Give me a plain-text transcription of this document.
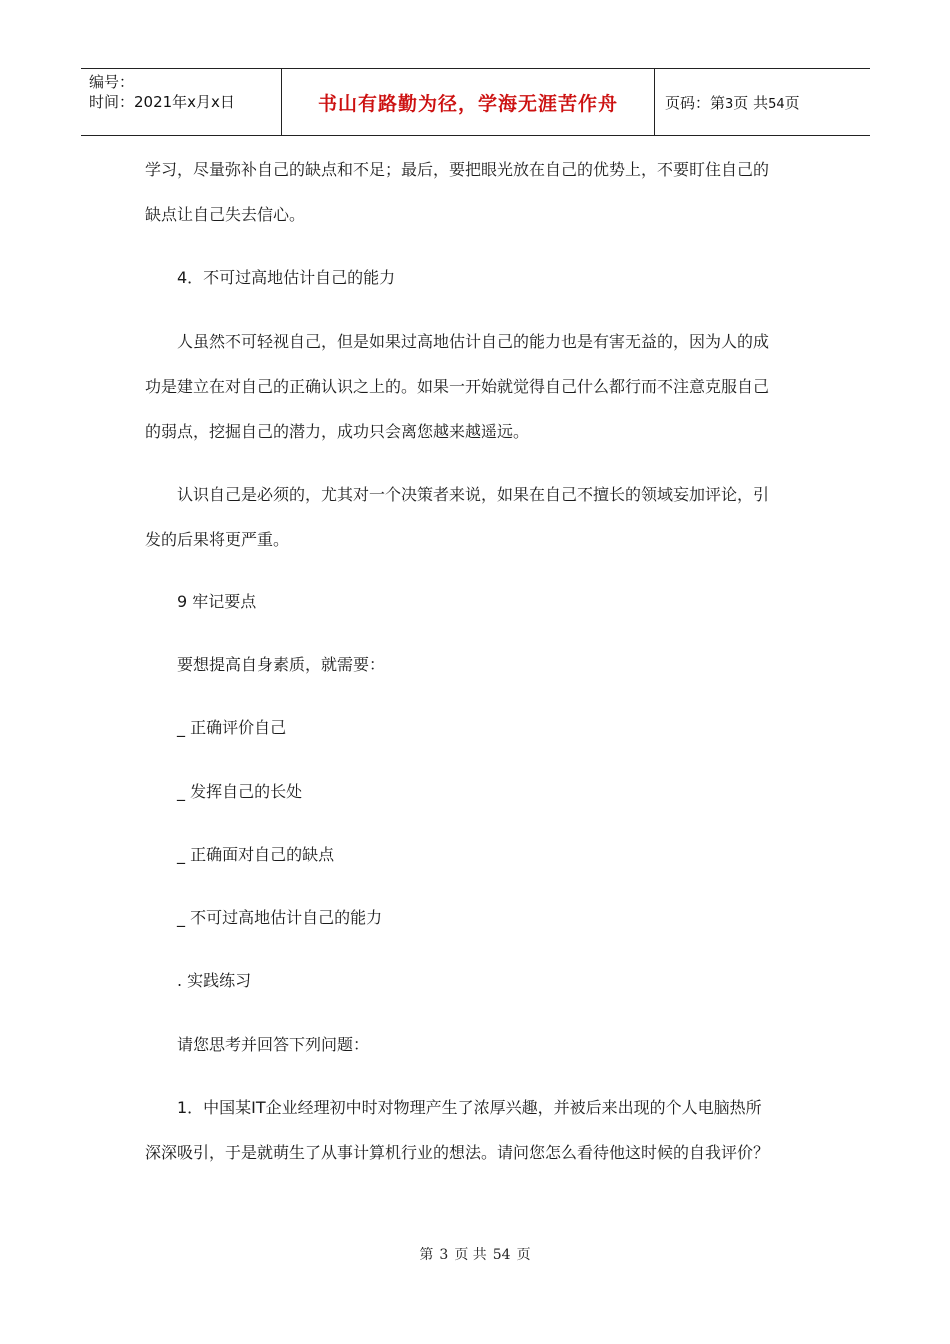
编号：
时间：2021年x月x日	书山有路勤为径，学海无涯苦作舟	页码：第3页 共54页
学习，尽量弥补自己的缺点和不足；最后，要把眼光放在自己的优势上，不要盯住自己的
缺点让自己失去信心。
4．不可过高地估计自己的能力
人虽然不可轻视自己，但是如果过高地估计自己的能力也是有害无益的，因为人的成
功是建立在对自己的正确认识之上的。如果一开始就觉得自己什么都行而不注意克服自己
的弱点，挖掘自己的潜力，成功只会离您越来越遥远。
认识自己是必须的，尤其对一个决策者来说，如果在自己不擅长的领域妄加评论，引
发的后果将更严重。
9 牢记要点
要想提高自身素质，就需要：
_ 正确评价自己
_ 发挥自己的长处
_ 正确面对自己的缺点
_ 不可过高地估计自己的能力
. 实践练习
请您思考并回答下列问题：
1．中国某IT企业经理初中时对物理产生了浓厚兴趣，并被后来出现的个人电脑热所
深深吸引，于是就萌生了从事计算机行业的想法。请问您怎么看待他这时候的自我评价？
第 3 页 共 54 页
